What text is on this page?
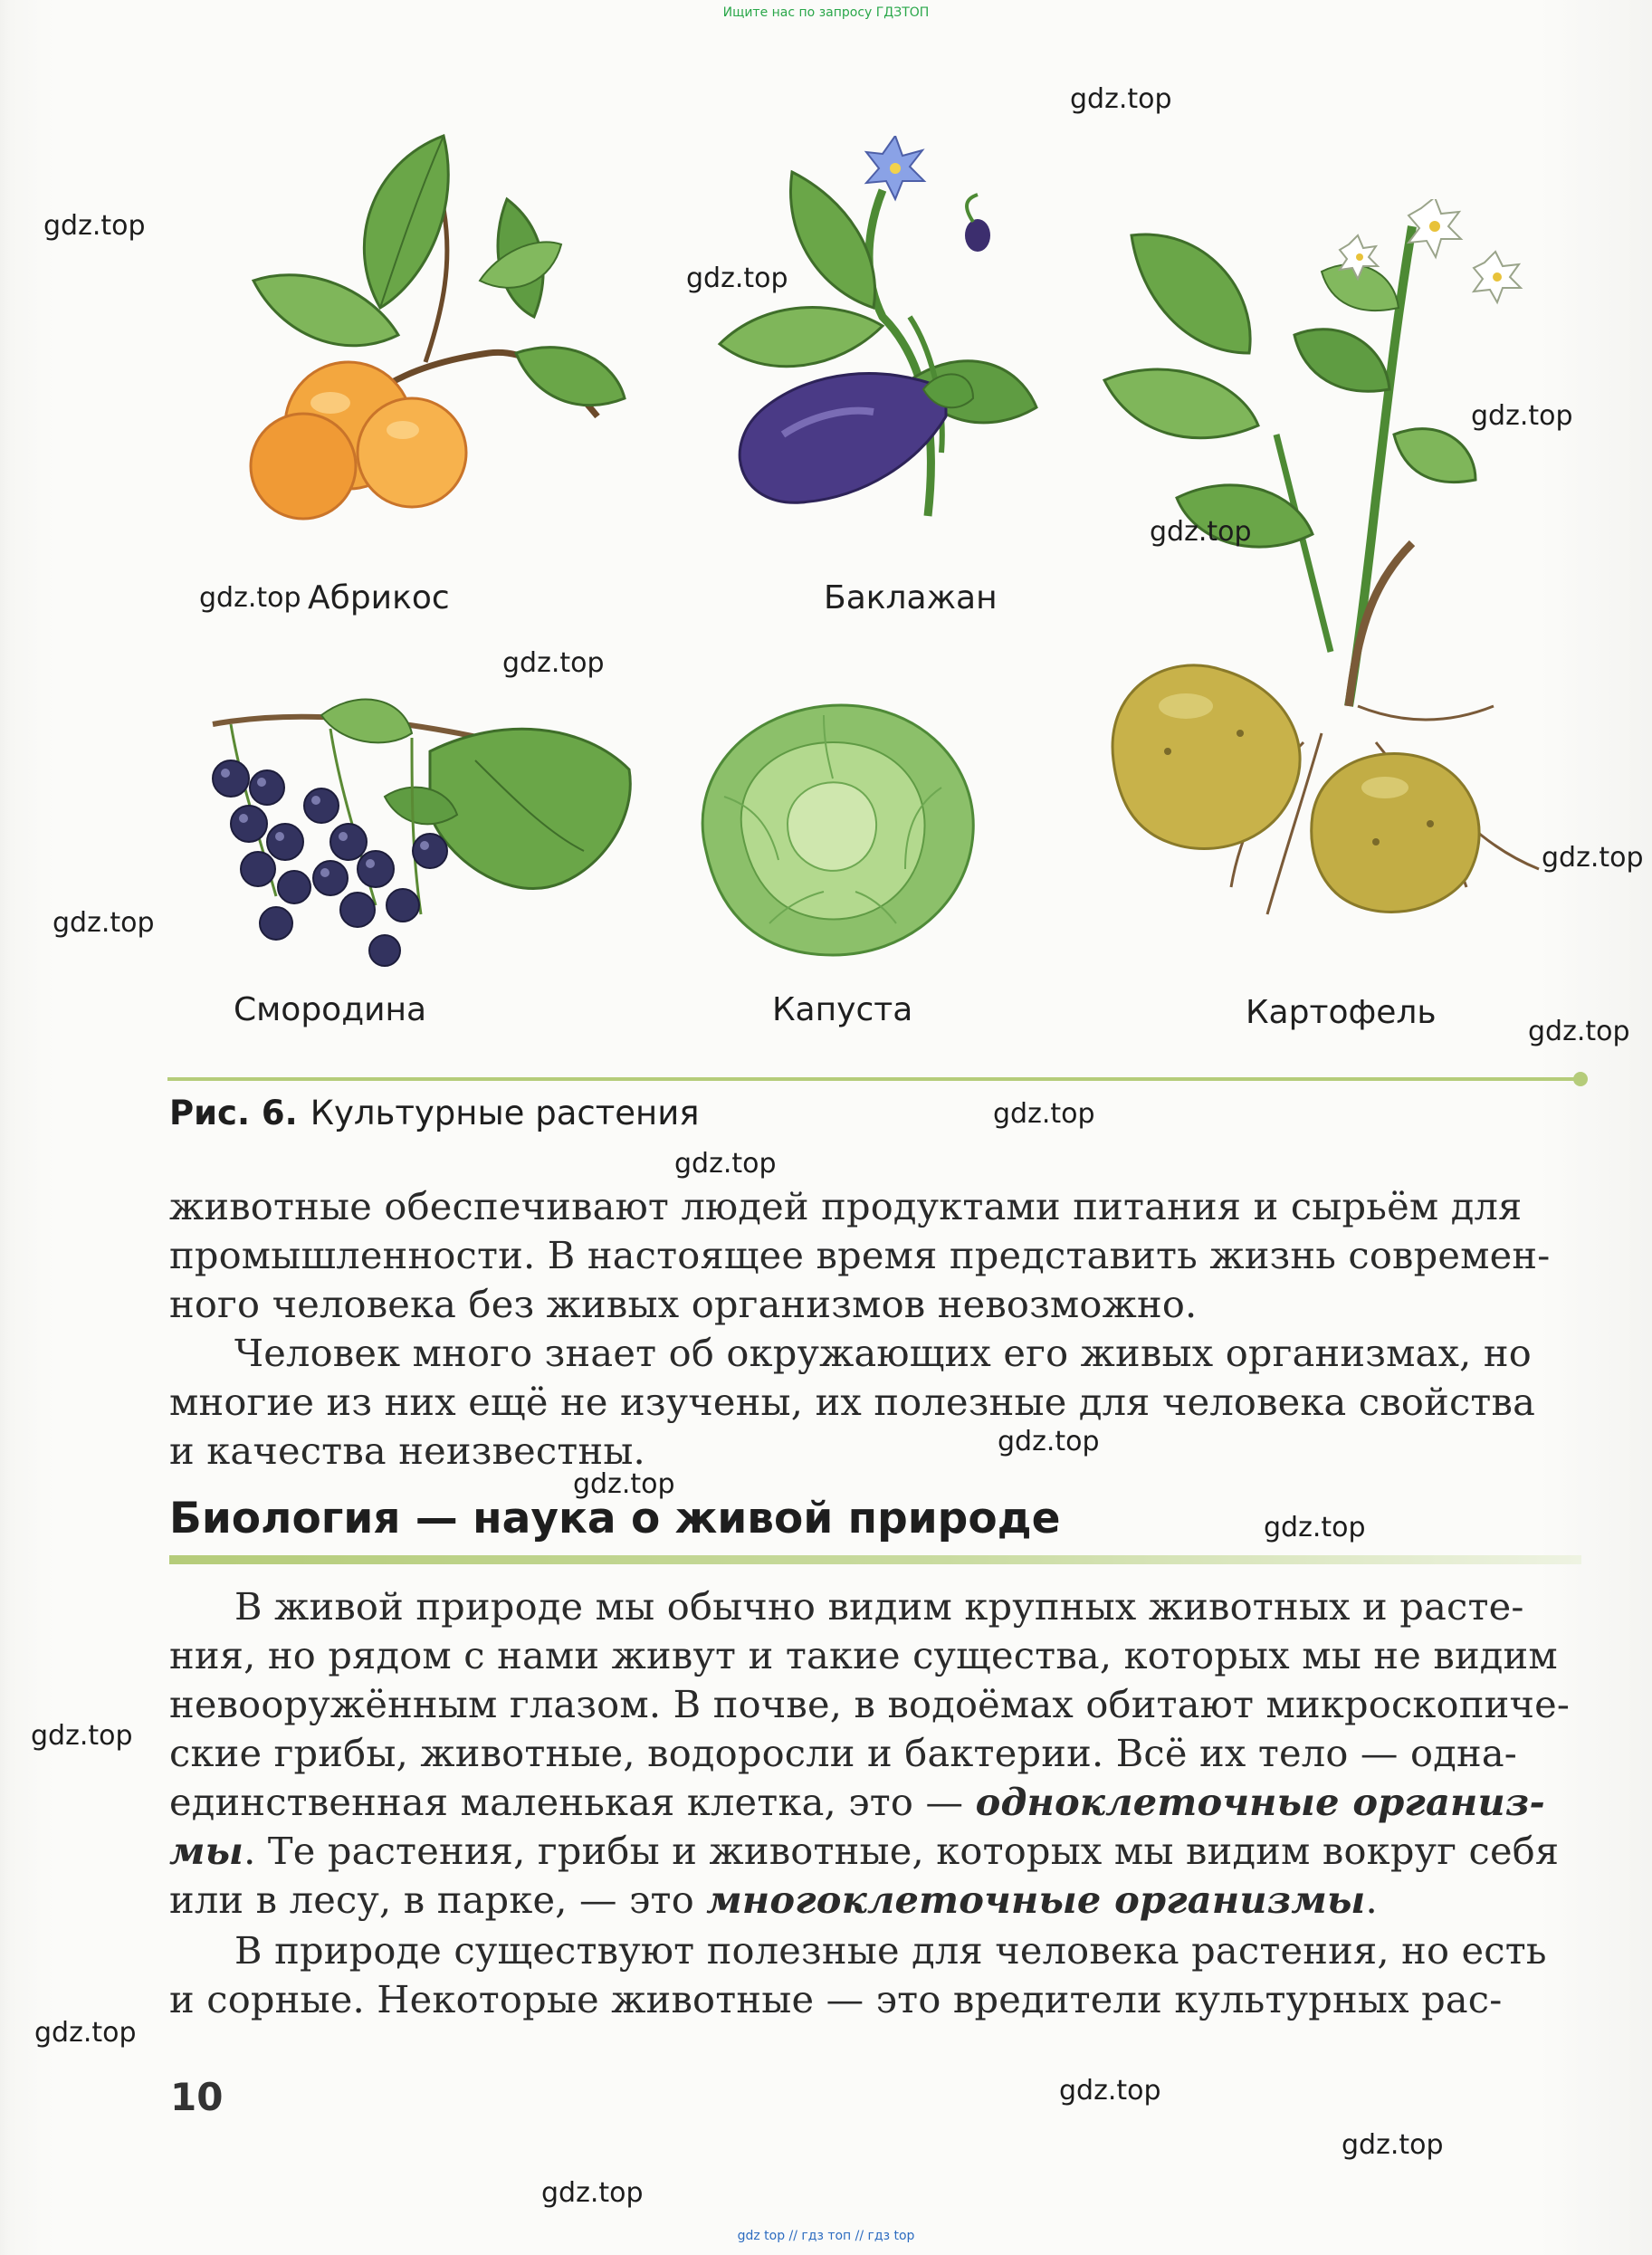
Ищите нас по запросу ГДЗТОП
Абрикос	Баклажан
Смородина	Капуста	Картофель
Рис. 6. Культурные растения
животные обеспечивают людей продуктами питания и сырьём для
промышленности. В настоящее время представить жизнь современ-
ного человека без живых организмов невозможно.
Человек много знает об окружающих его живых организмах, но
многие из них ещё не изучены, их полезные для человека свойства
и качества неизвестны.
Биология — наука о живой природе
В живой природе мы обычно видим крупных животных и расте-
ния, но рядом с нами живут и такие существа, которых мы не видим
невооружённым глазом. В почве, в водоёмах обитают микроскопиче-
ские грибы, животные, водоросли и бактерии. Всё их тело — одна-
единственная маленькая клетка, это — одноклеточные организ-
мы. Те растения, грибы и животные, которых мы видим вокруг себя
или в лесу, в парке, — это многоклеточные организмы.
В природе существуют полезные для человека растения, но есть
и сорные. Некоторые животные — это вредители культурных рас-
10
gdz.top
gdz.top
gdz.top
gdz.top
gdz.top
gdz.top
gdz.top
gdz.top
gdz.top
gdz.top
gdz.top
gdz.top
gdz.top
gdz.top
gdz.top
gdz.top
gdz.top
gdz.top
gdz.top
gdz.top
gdz top // гдз топ // гдз top
